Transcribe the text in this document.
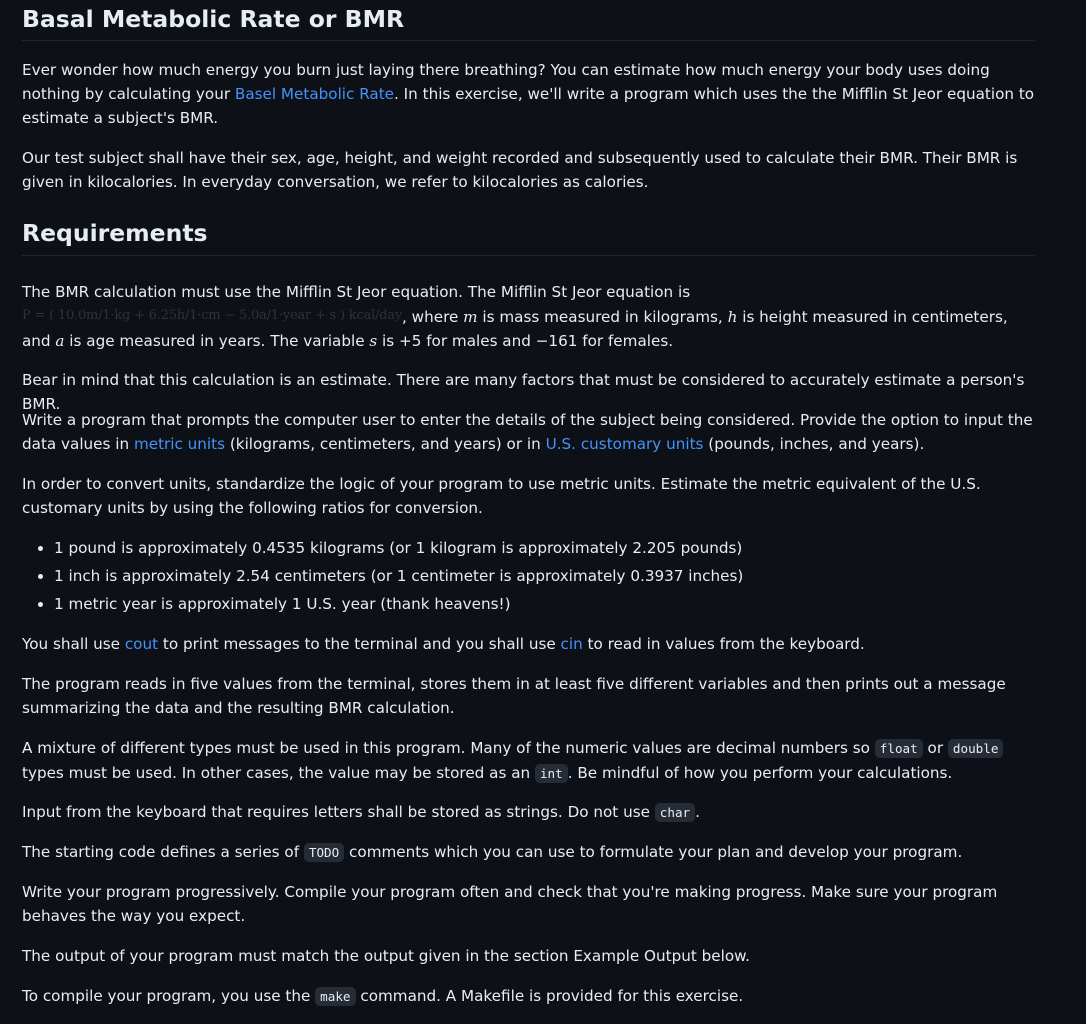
Basal Metabolic Rate or BMR

Ever wonder how much energy you burn just laying there breathing? You can estimate how much energy your body uses doing nothing by calculating your Basel Metabolic Rate. In this exercise, we'll write a program which uses the the Mifflin St Jeor equation to estimate a subject's BMR.

Our test subject shall have their sex, age, height, and weight recorded and subsequently used to calculate their BMR. Their BMR is given in kilocalories. In everyday conversation, we refer to kilocalories as calories.

Requirements

The BMR calculation must use the Mifflin St Jeor equation. The Mifflin St Jeor equation is P = ( 10.0m/1·kg + 6.25h/1·cm − 5.0a/1·year + s ) kcal/day, where m is mass measured in kilograms, h is height measured in centimeters, and a is age measured in years. The variable s is +5 for males and −161 for females.

Bear in mind that this calculation is an estimate. There are many factors that must be considered to accurately estimate a person's BMR.

Write a program that prompts the computer user to enter the details of the subject being considered. Provide the option to input the data values in metric units (kilograms, centimeters, and years) or in U.S. customary units (pounds, inches, and years).

In order to convert units, standardize the logic of your program to use metric units. Estimate the metric equivalent of the U.S. customary units by using the following ratios for conversion.

• 1 pound is approximately 0.4535 kilograms (or 1 kilogram is approximately 2.205 pounds)
• 1 inch is approximately 2.54 centimeters (or 1 centimeter is approximately 0.3937 inches)
• 1 metric year is approximately 1 U.S. year (thank heavens!)

You shall use cout to print messages to the terminal and you shall use cin to read in values from the keyboard.

The program reads in five values from the terminal, stores them in at least five different variables and then prints out a message summarizing the data and the resulting BMR calculation.

A mixture of different types must be used in this program. Many of the numeric values are decimal numbers so float or double types must be used. In other cases, the value may be stored as an int . Be mindful of how you perform your calculations.

Input from the keyboard that requires letters shall be stored as strings. Do not use char .

The starting code defines a series of TODO comments which you can use to formulate your plan and develop your program.

Write your program progressively. Compile your program often and check that you're making progress. Make sure your program behaves the way you expect.

The output of your program must match the output given in the section Example Output below.

To compile your program, you use the make command. A Makefile is provided for this exercise.
